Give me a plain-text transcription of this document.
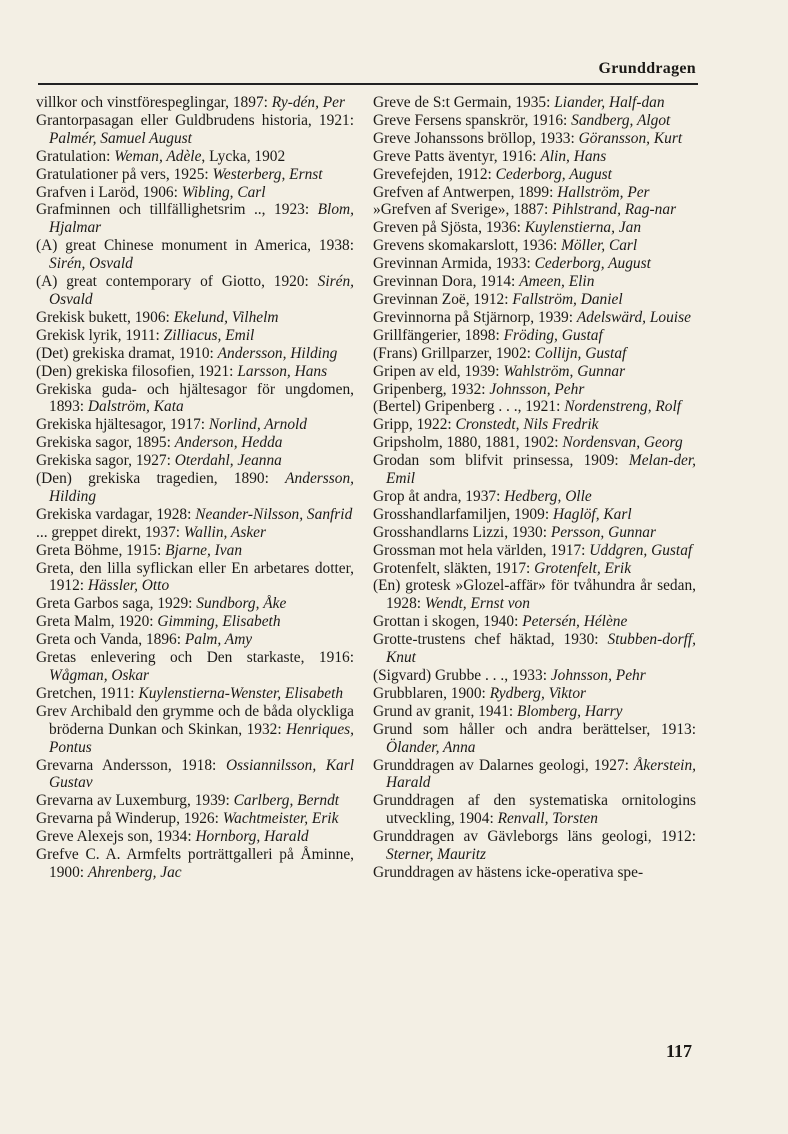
Grunddragen
villkor och vinstförespeglingar, 1897: Ry-dén, Per
Grantorpasagan eller Guldbrudens historia, 1921: Palmér, Samuel August
Gratulation: Weman, Adèle, Lycka, 1902
Gratulationer på vers, 1925: Westerberg, Ernst
Grafven i Laröd, 1906: Wibling, Carl
Grafminnen och tillfällighetsrim .., 1923: Blom, Hjalmar
(A) great Chinese monument in America, 1938: Sirén, Osvald
(A) great contemporary of Giotto, 1920: Sirén, Osvald
Grekisk bukett, 1906: Ekelund, Vilhelm
Grekisk lyrik, 1911: Zilliacus, Emil
(Det) grekiska dramat, 1910: Andersson, Hilding
(Den) grekiska filosofien, 1921: Larsson, Hans
Grekiska guda- och hjältesagor för ungdomen, 1893: Dalström, Kata
Grekiska hjältesagor, 1917: Norlind, Arnold
Grekiska sagor, 1895: Anderson, Hedda
Grekiska sagor, 1927: Oterdahl, Jeanna
(Den) grekiska tragedien, 1890: Andersson, Hilding
Grekiska vardagar, 1928: Neander-Nilsson, Sanfrid
... greppet direkt, 1937: Wallin, Asker
Greta Böhme, 1915: Bjarne, Ivan
Greta, den lilla syflickan eller En arbetares dotter, 1912: Hässler, Otto
Greta Garbos saga, 1929: Sundborg, Åke
Greta Malm, 1920: Gimming, Elisabeth
Greta och Vanda, 1896: Palm, Amy
Gretas enlevering och Den starkaste, 1916: Wågman, Oskar
Gretchen, 1911: Kuylenstierna-Wenster, Elisabeth
Grev Archibald den grymme och de båda olyckliga bröderna Dunkan och Skinkan, 1932: Henriques, Pontus
Grevarna Andersson, 1918: Ossiannilsson, Karl Gustav
Grevarna av Luxemburg, 1939: Carlberg, Berndt
Grevarna på Winderup, 1926: Wachtmeister, Erik
Greve Alexejs son, 1934: Hornborg, Harald
Grefve C. A. Armfelts porträttgalleri på Åminne, 1900: Ahrenberg, Jac
Greve de S:t Germain, 1935: Liander, Half-dan
Greve Fersens spanskrör, 1916: Sandberg, Algot
Greve Johanssons bröllop, 1933: Göransson, Kurt
Greve Patts äventyr, 1916: Alin, Hans
Grevefejden, 1912: Cederborg, August
Grefven af Antwerpen, 1899: Hallström, Per
»Grefven af Sverige», 1887: Pihlstrand, Rag-nar
Greven på Sjösta, 1936: Kuylenstierna, Jan
Grevens skomakarslott, 1936: Möller, Carl
Grevinnan Armida, 1933: Cederborg, August
Grevinnan Dora, 1914: Ameen, Elin
Grevinnan Zoë, 1912: Fallström, Daniel
Grevinnorna på Stjärnorp, 1939: Adelswärd, Louise
Grillfängerier, 1898: Fröding, Gustaf
(Frans) Grillparzer, 1902: Collijn, Gustaf
Gripen av eld, 1939: Wahlström, Gunnar
Gripenberg, 1932: Johnsson, Pehr
(Bertel) Gripenberg . . ., 1921: Nordenstreng, Rolf
Gripp, 1922: Cronstedt, Nils Fredrik
Gripsholm, 1880, 1881, 1902: Nordensvan, Georg
Grodan som blifvit prinsessa, 1909: Melan-der, Emil
Grop åt andra, 1937: Hedberg, Olle
Grosshandlarfamiljen, 1909: Haglöf, Karl
Grosshandlarns Lizzi, 1930: Persson, Gunnar
Grossman mot hela världen, 1917: Uddgren, Gustaf
Grotenfelt, släkten, 1917: Grotenfelt, Erik
(En) grotesk »Glozel-affär» för tvåhundra år sedan, 1928: Wendt, Ernst von
Grottan i skogen, 1940: Petersén, Hélène
Grotte-trustens chef häktad, 1930: Stubben-dorff, Knut
(Sigvard) Grubbe . . ., 1933: Johnsson, Pehr
Grubblaren, 1900: Rydberg, Viktor
Grund av granit, 1941: Blomberg, Harry
Grund som håller och andra berättelser, 1913: Ölander, Anna
Grunddragen av Dalarnes geologi, 1927: Åkerstein, Harald
Grunddragen af den systematiska ornitologins utveckling, 1904: Renvall, Torsten
Grunddragen av Gävleborgs läns geologi, 1912: Sterner, Mauritz
Grunddragen av hästens icke-operativa spe-
117
